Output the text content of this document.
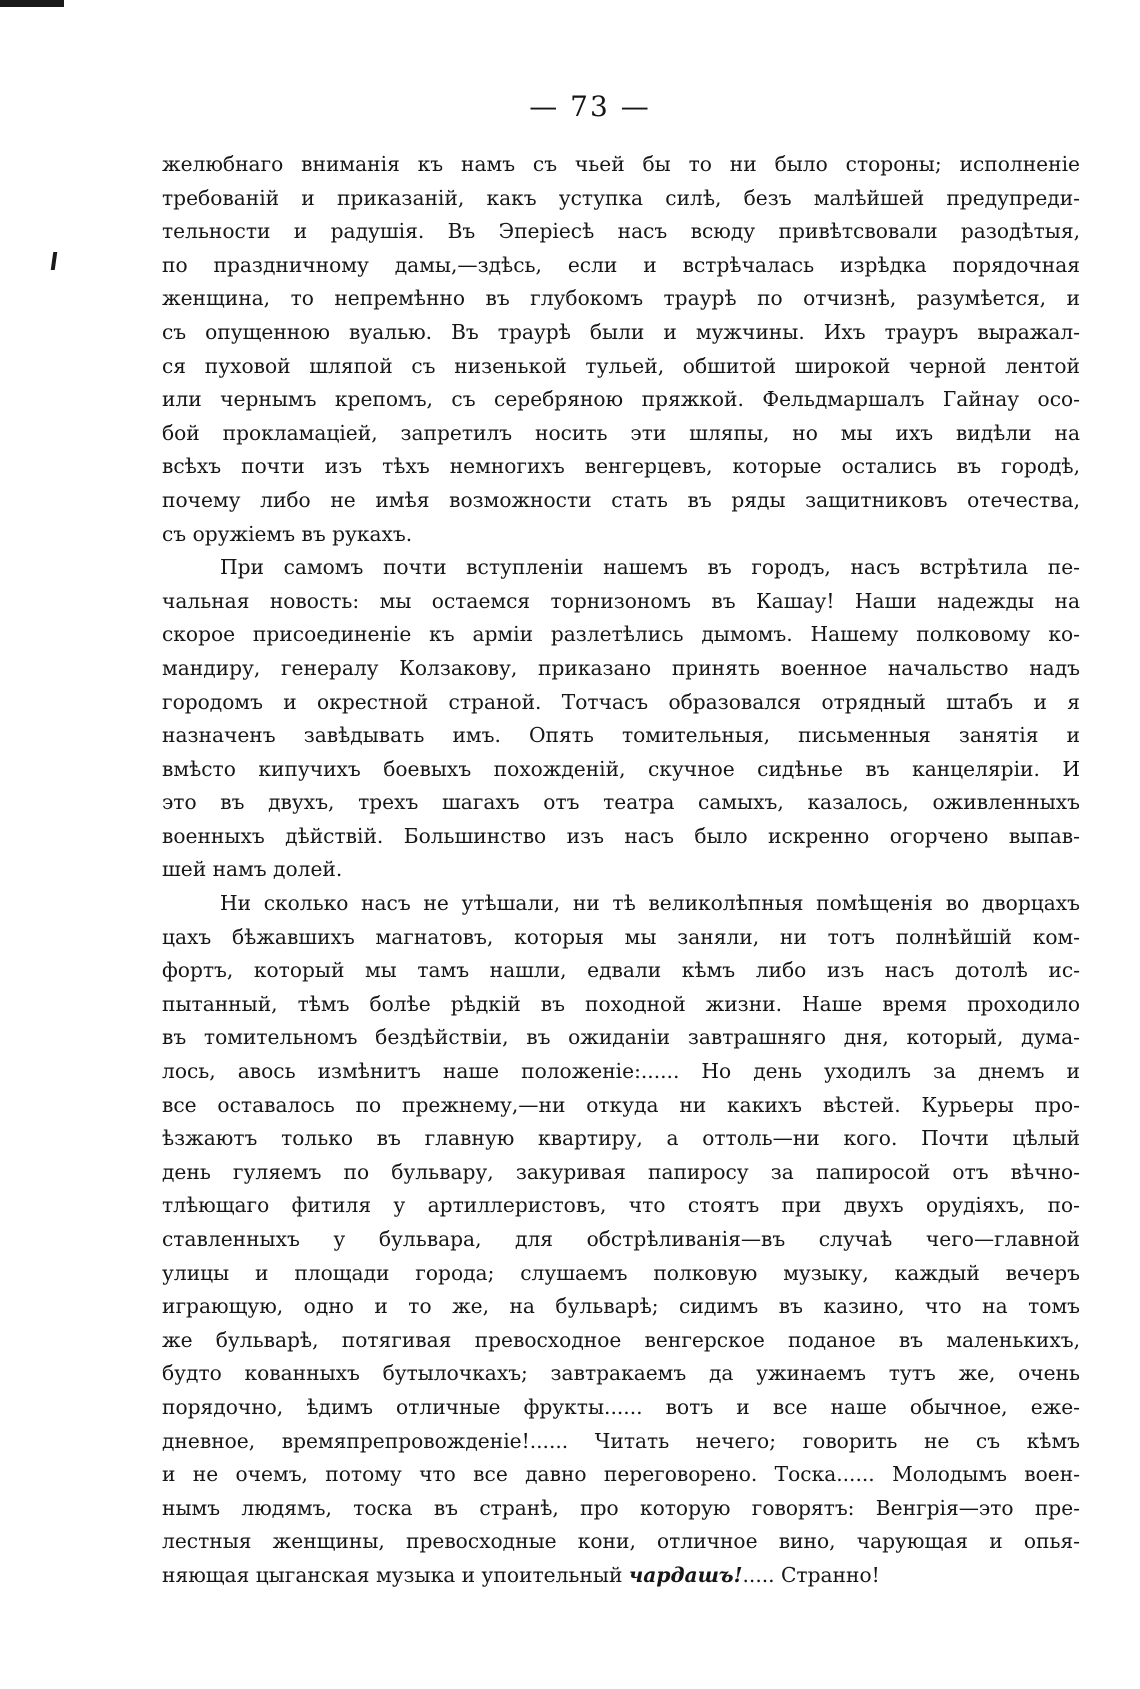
— 73 —
желюбнаго вниманія къ намъ съ чьей бы то ни было стороны; исполненіе
требованій и приказаній, какъ уступка силѣ, безъ малѣйшей предупреди-
тельности и радушія. Въ Эперіесѣ насъ всюду привѣтсвовали разодѣтыя,
по праздничному дамы,—здѣсь, если и встрѣчалась изрѣдка порядочная
женщина, то непремѣнно въ глубокомъ траурѣ по отчизнѣ, разумѣется, и
съ опущенною вуалью. Въ траурѣ были и мужчины. Ихъ трауръ выражал-
ся пуховой шляпой съ низенькой тульей, обшитой широкой черной лентой
или чернымъ крепомъ, съ серебряною пряжкой. Фельдмаршалъ Гайнау осо-
бой прокламаціей, запретилъ носить эти шляпы, но мы ихъ видѣли на
всѣхъ почти изъ тѣхъ немногихъ венгерцевъ, которые остались въ городѣ,
почему либо не имѣя возможности стать въ ряды защитниковъ отечества,
съ оружіемъ въ рукахъ.
При самомъ почти вступленіи нашемъ въ городъ, насъ встрѣтила пе-
чальная новость: мы остаемся торнизономъ въ Кашау! Наши надежды на
скорое присоединеніе къ арміи разлетѣлись дымомъ. Нашему полковому ко-
мандиру, генералу Колзакову, приказано принять военное начальство надъ
городомъ и окрестной страной. Тотчасъ образовался отрядный штабъ и я
назначенъ завѣдывать имъ. Опять томительныя, письменныя занятія и
вмѣсто кипучихъ боевыхъ похожденій, скучное сидѣнье въ канцеляріи. И
это въ двухъ, трехъ шагахъ отъ театра самыхъ, казалось, оживленныхъ
военныхъ дѣйствій. Большинство изъ насъ было искренно огорчено выпав-
шей намъ долей.
Ни сколько насъ не утѣшали, ни тѣ великолѣпныя помѣщенія во дворцахъ
цахъ бѣжавшихъ магнатовъ, которыя мы заняли, ни тотъ полнѣйшій ком-
фортъ, который мы тамъ нашли, едвали кѣмъ либо изъ насъ дотолѣ ис-
пытанный, тѣмъ болѣе рѣдкій въ походной жизни. Наше время проходило
въ томительномъ бездѣйствіи, въ ожиданіи завтрашняго дня, который, дума-
лось, авось измѣнитъ наше положеніе:...... Но день уходилъ за днемъ и
все оставалось по прежнему,—ни откуда ни какихъ вѣстей. Курьеры про-
ѣзжаютъ только въ главную квартиру, а оттоль—ни кого. Почти цѣлый
день гуляемъ по бульвару, закуривая папиросу за папиросой отъ вѣчно-
тлѣющаго фитиля у артиллеристовъ, что стоятъ при двухъ орудіяхъ, по-
ставленныхъ у бульвара, для обстрѣливанія—въ случаѣ чего—главной
улицы и площади города; слушаемъ полковую музыку, каждый вечеръ
играющую, одно и то же, на бульварѣ; сидимъ въ казино, что на томъ
же бульварѣ, потягивая превосходное венгерское поданое въ маленькихъ,
будто кованныхъ бутылочкахъ; завтракаемъ да ужинаемъ тутъ же, очень
порядочно, ѣдимъ отличные фрукты...... вотъ и все наше обычное, еже-
дневное, времяпрепровожденіе!...... Читать нечего; говорить не съ кѣмъ
и не очемъ, потому что все давно переговорено. Тоска...... Молодымъ воен-
нымъ людямъ, тоска въ странѣ, про которую говорятъ: Венгрія—это пре-
лестныя женщины, превосходные кони, отличное вино, чарующая и опья-
няющая цыганская музыка и упоительный чардашъ!..... Странно!
